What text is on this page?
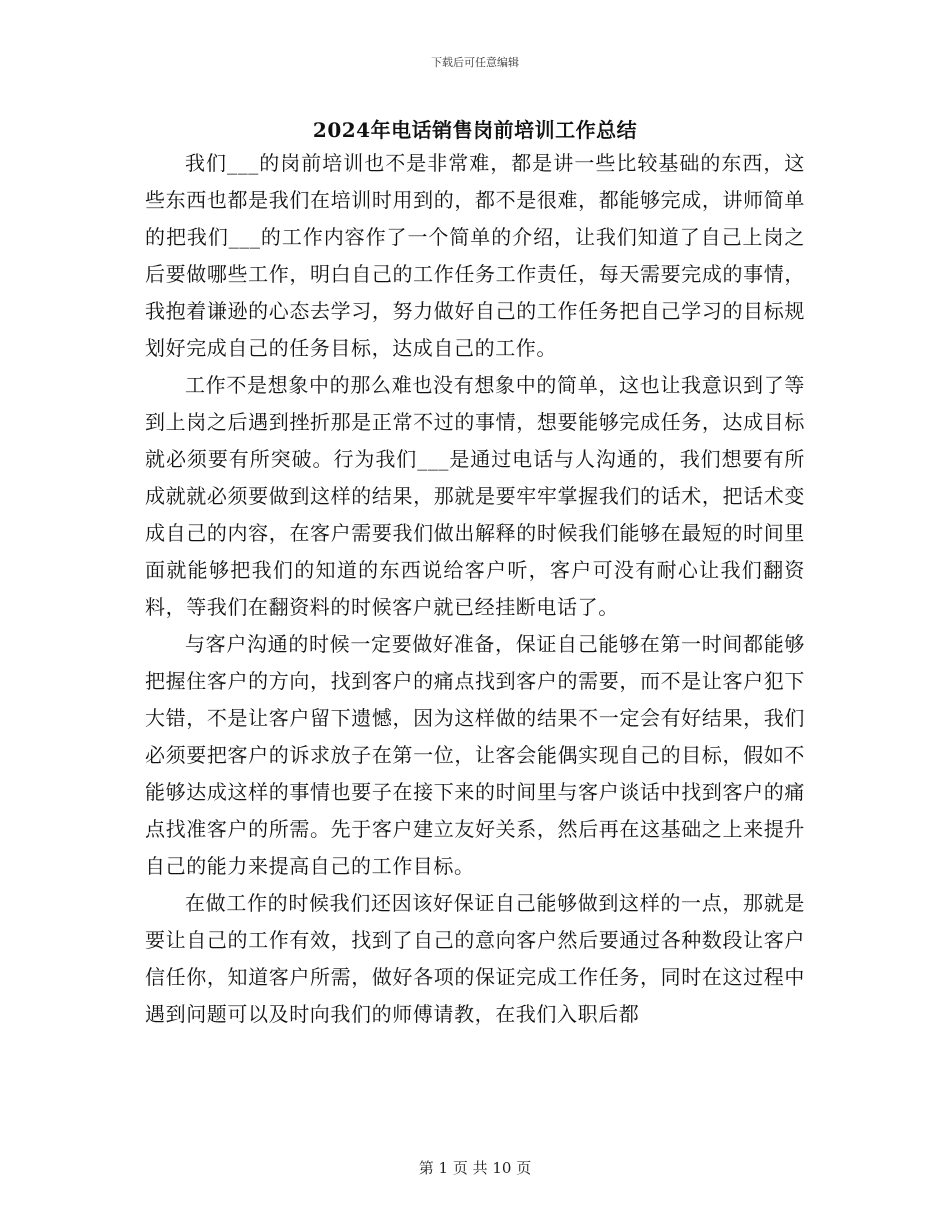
下载后可任意编辑
2024年电话销售岗前培训工作总结

我们___的岗前培训也不是非常难，都是讲一些比较基础的东西，这些东西也都是我们在培训时用到的，都不是很难，都能够完成，讲师简单的把我们___的工作内容作了一个简单的介绍，让我们知道了自己上岗之后要做哪些工作，明白自己的工作任务工作责任，每天需要完成的事情，我抱着谦逊的心态去学习，努力做好自己的工作任务把自己学习的目标规划好完成自己的任务目标，达成自己的工作。

工作不是想象中的那么难也没有想象中的简单，这也让我意识到了等到上岗之后遇到挫折那是正常不过的事情，想要能够完成任务，达成目标就必须要有所突破。行为我们___是通过电话与人沟通的，我们想要有所成就就必须要做到这样的结果，那就是要牢牢掌握我们的话术，把话术变成自己的内容，在客户需要我们做出解释的时候我们能够在最短的时间里面就能够把我们的知道的东西说给客户听，客户可没有耐心让我们翻资料，等我们在翻资料的时候客户就已经挂断电话了。

与客户沟通的时候一定要做好准备，保证自己能够在第一时间都能够把握住客户的方向，找到客户的痛点找到客户的需要，而不是让客户犯下大错，不是让客户留下遗憾，因为这样做的结果不一定会有好结果，我们必须要把客户的诉求放子在第一位，让客会能偶实现自己的目标，假如不能够达成这样的事情也要子在接下来的时间里与客户谈话中找到客户的痛点找准客户的所需。先于客户建立友好关系，然后再在这基础之上来提升自己的能力来提高自己的工作目标。

在做工作的时候我们还因该好保证自己能够做到这样的一点，那就是要让自己的工作有效，找到了自己的意向客户然后要通过各种数段让客户信任你，知道客户所需，做好各项的保证完成工作任务，同时在这过程中遇到问题可以及时向我们的师傅请教，在我们入职后都

第 1 页 共 10 页
